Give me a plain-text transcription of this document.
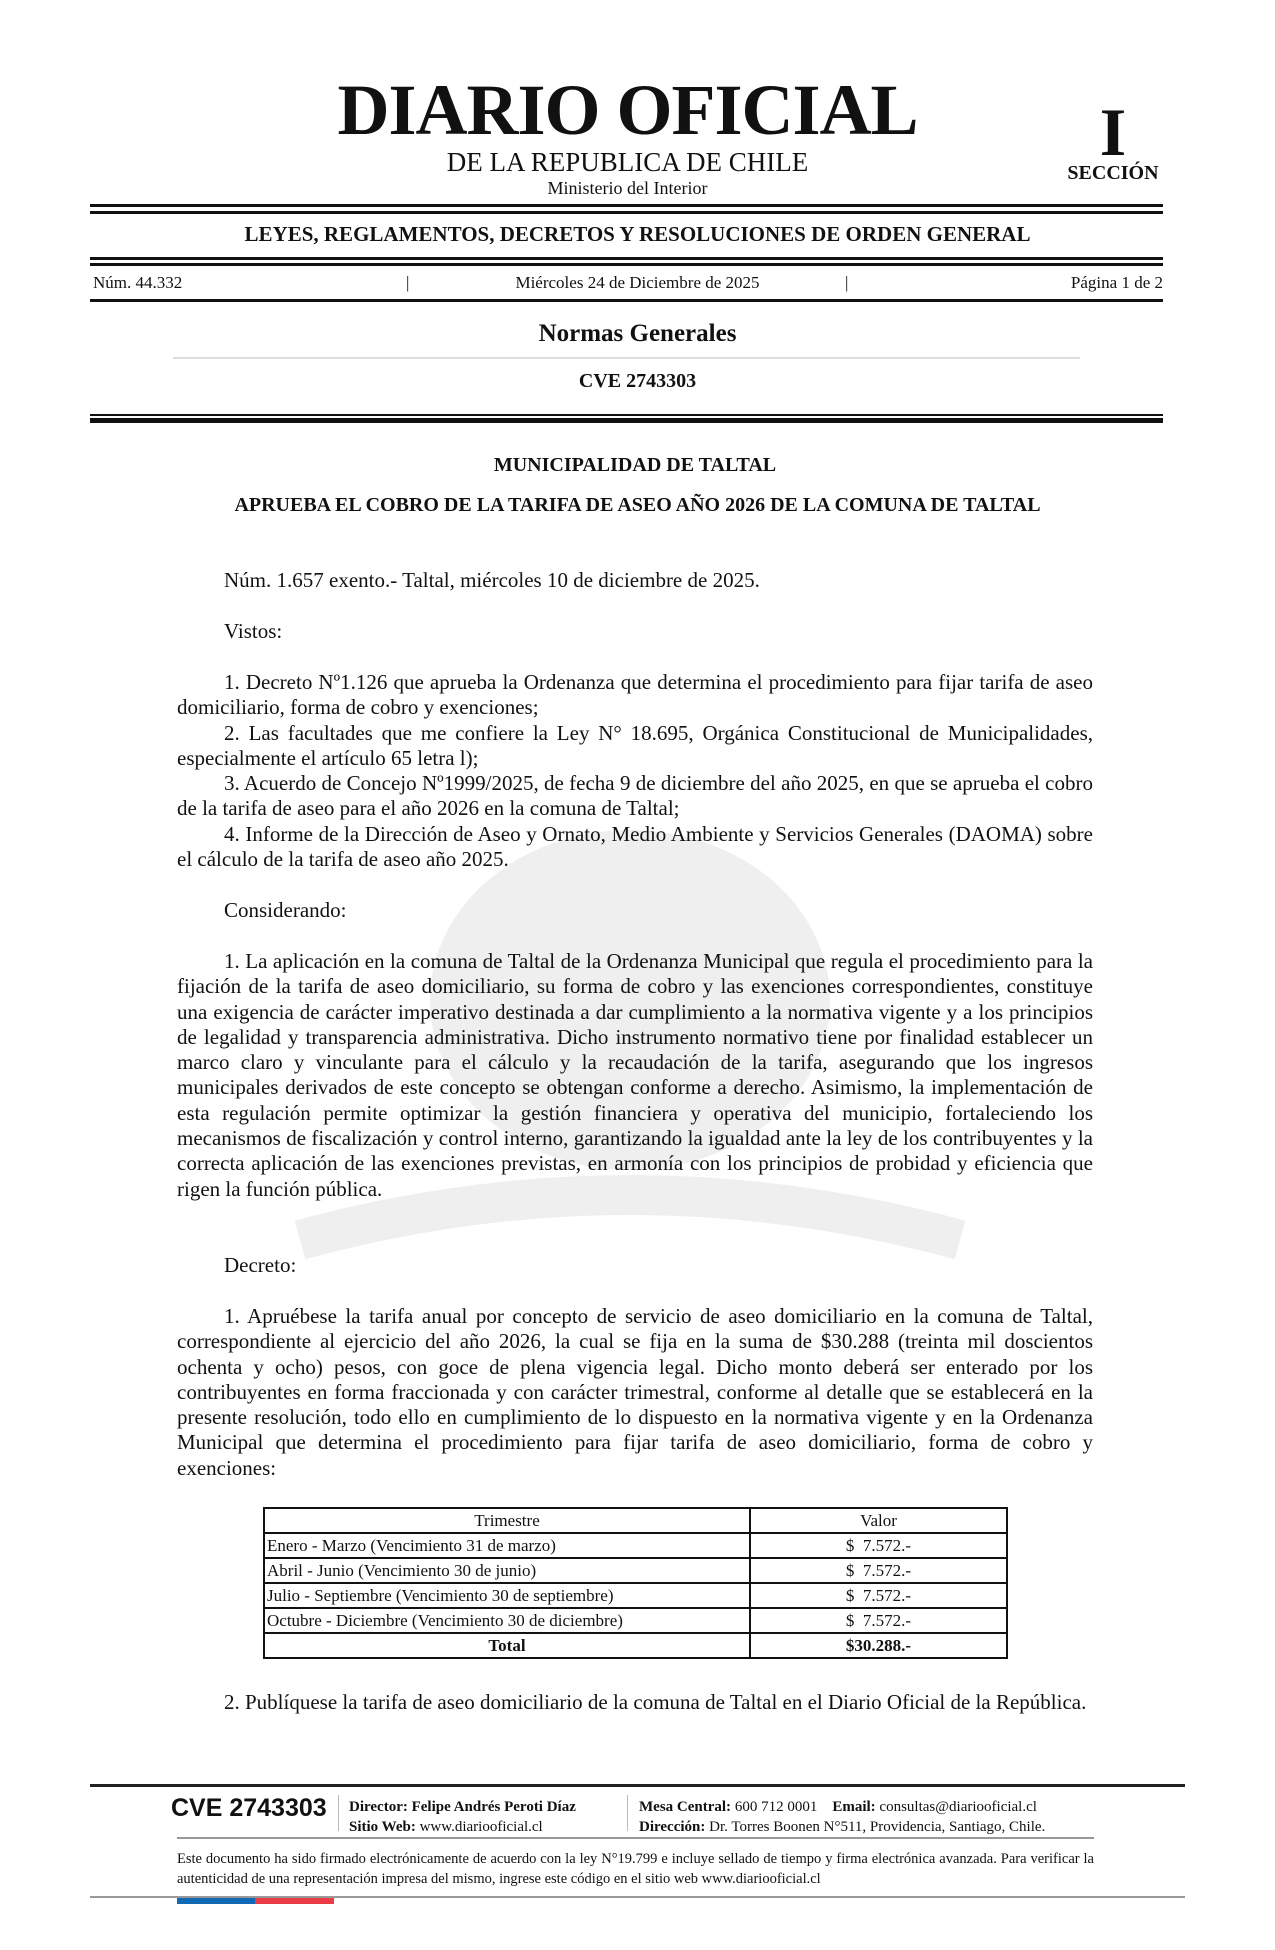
DIARIO OFICIAL
DE LA REPUBLICA DE CHILE
Ministerio del Interior
I
SECCIÓN
LEYES, REGLAMENTOS, DECRETOS Y RESOLUCIONES DE ORDEN GENERAL
Núm. 44.332	|	Miércoles 24 de Diciembre de 2025	|	Página 1 de 2
Normas Generales
CVE 2743303
MUNICIPALIDAD DE TALTAL
APRUEBA EL COBRO DE LA TARIFA DE ASEO AÑO 2026 DE LA COMUNA DE TALTAL

Núm. 1.657 exento.- Taltal, miércoles 10 de diciembre de 2025.

Vistos:

1. Decreto Nº1.126 que aprueba la Ordenanza que determina el procedimiento para fijar tarifa de aseo domiciliario, forma de cobro y exenciones;

2. Las facultades que me confiere la Ley N° 18.695, Orgánica Constitucional de Municipalidades, especialmente el artículo 65 letra l);

3. Acuerdo de Concejo Nº1999/2025, de fecha 9 de diciembre del año 2025, en que se aprueba el cobro de la tarifa de aseo para el año 2026 en la comuna de Taltal;

4. Informe de la Dirección de Aseo y Ornato, Medio Ambiente y Servicios Generales (DAOMA) sobre el cálculo de la tarifa de aseo año 2025.

Considerando:

1. La aplicación en la comuna de Taltal de la Ordenanza Municipal que regula el procedimiento para la fijación de la tarifa de aseo domiciliario, su forma de cobro y las exenciones correspondientes, constituye una exigencia de carácter imperativo destinada a dar cumplimiento a la normativa vigente y a los principios de legalidad y transparencia administrativa. Dicho instrumento normativo tiene por finalidad establecer un marco claro y vinculante para el cálculo y la recaudación de la tarifa, asegurando que los ingresos municipales derivados de este concepto se obtengan conforme a derecho. Asimismo, la implementación de esta regulación permite optimizar la gestión financiera y operativa del municipio, fortaleciendo los mecanismos de fiscalización y control interno, garantizando la igualdad ante la ley de los contribuyentes y la correcta aplicación de las exenciones previstas, en armonía con los principios de probidad y eficiencia que rigen la función pública.

Decreto:

1. Apruébese la tarifa anual por concepto de servicio de aseo domiciliario en la comuna de Taltal, correspondiente al ejercicio del año 2026, la cual se fija en la suma de $30.288 (treinta mil doscientos ochenta y ocho) pesos, con goce de plena vigencia legal. Dicho monto deberá ser enterado por los contribuyentes en forma fraccionada y con carácter trimestral, conforme al detalle que se establecerá en la presente resolución, todo ello en cumplimiento de lo dispuesto en la normativa vigente y en la Ordenanza Municipal que determina el procedimiento para fijar tarifa de aseo domiciliario, forma de cobro y exenciones:

Trimestre	Valor
Enero - Marzo (Vencimiento 31 de marzo)	$  7.572.-
Abril - Junio (Vencimiento 30 de junio)	$  7.572.-
Julio - Septiembre (Vencimiento 30 de septiembre)	$  7.572.-
Octubre - Diciembre (Vencimiento 30 de diciembre)	$  7.572.-
Total	$30.288.-

2. Publíquese la tarifa de aseo domiciliario de la comuna de Taltal en el Diario Oficial de la República.

CVE 2743303 Director: Felipe Andrés Peroti Díaz
Sitio Web: www.diariooficial.cl
Mesa Central: 600 712 0001 Email: consultas@diariooficial.cl
Dirección: Dr. Torres Boonen N°511, Providencia, Santiago, Chile.
Este documento ha sido firmado electrónicamente de acuerdo con la ley N°19.799 e incluye sellado de tiempo y firma electrónica avanzada. Para verificar la autenticidad de una representación impresa del mismo, ingrese este código en el sitio web www.diariooficial.cl
